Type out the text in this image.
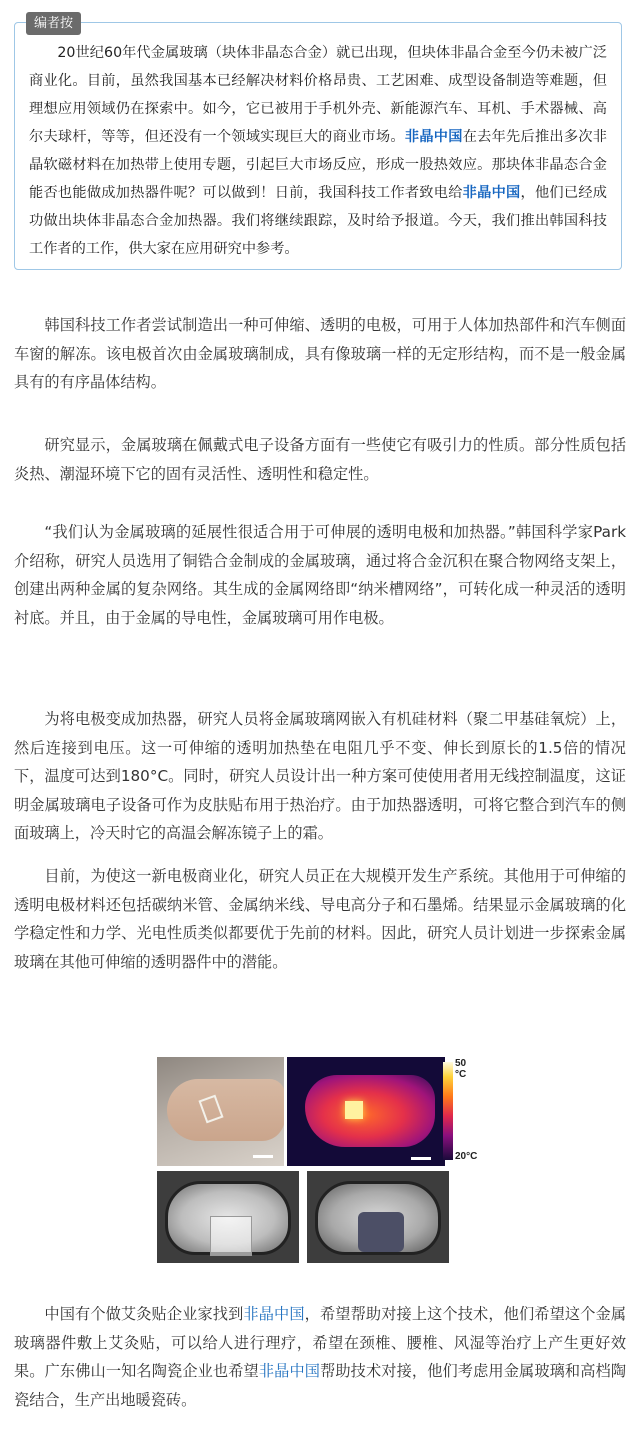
编者按

20世纪60年代金属玻璃（块体非晶态合金）就已出现，但块体非晶合金至今仍未被广泛商业化。目前，虽然我国基本已经解决材料价格昂贵、工艺困难、成型设备制造等难题，但理想应用领域仍在探索中。如今，它已被用于手机外壳、新能源汽车、耳机、手术器械、高尔夫球杆，等等，但还没有一个领域实现巨大的商业市场。非晶中国在去年先后推出多次非晶软磁材料在加热带上使用专题，引起巨大市场反应，形成一股热效应。那块体非晶态合金能否也能做成加热器件呢？可以做到！日前，我国科技工作者致电给非晶中国，他们已经成功做出块体非晶态合金加热器。我们将继续跟踪，及时给予报道。今天，我们推出韩国科技工作者的工作，供大家在应用研究中参考。

韩国科技工作者尝试制造出一种可伸缩、透明的电极，可用于人体加热部件和汽车侧面车窗的解冻。该电极首次由金属玻璃制成，具有像玻璃一样的无定形结构，而不是一般金属具有的有序晶体结构。

研究显示，金属玻璃在佩戴式电子设备方面有一些使它有吸引力的性质。部分性质包括炎热、潮湿环境下它的固有灵活性、透明性和稳定性。

“我们认为金属玻璃的延展性很适合用于可伸展的透明电极和加热器。”韩国科学家Park介绍称，研究人员选用了铜锆合金制成的金属玻璃，通过将合金沉积在聚合物网络支架上，创建出两种金属的复杂网络。其生成的金属网络即“纳米槽网络”，可转化成一种灵活的透明衬底。并且，由于金属的导电性，金属玻璃可用作电极。

为将电极变成加热器，研究人员将金属玻璃网嵌入有机硅材料（聚二甲基硅氧烷）上，然后连接到电压。这一可伸缩的透明加热垫在电阻几乎不变、伸长到原长的1.5倍的情况下，温度可达到180°C。同时，研究人员设计出一种方案可使使用者用无线控制温度，这证明金属玻璃电子设备可作为皮肤贴布用于热治疗。由于加热器透明，可将它整合到汽车的侧面玻璃上，冷天时它的高温会解冻镜子上的霜。

目前，为使这一新电极商业化，研究人员正在大规模开发生产系统。其他用于可伸缩的透明电极材料还包括碳纳米管、金属纳米线、导电高分子和石墨烯。结果显示金属玻璃的化学稳定性和力学、光电性质类似都要优于先前的材料。因此，研究人员计划进一步探索金属玻璃在其他可伸缩的透明器件中的潜能。

50 °C
20°C

中国有个做艾灸贴企业家找到非晶中国，希望帮助对接上这个技术，他们希望这个金属玻璃器件敷上艾灸贴，可以给人进行理疗，希望在颈椎、腰椎、风湿等治疗上产生更好效果。广东佛山一知名陶瓷企业也希望非晶中国帮助技术对接，他们考虑用金属玻璃和高档陶瓷结合，生产出地暖瓷砖。
